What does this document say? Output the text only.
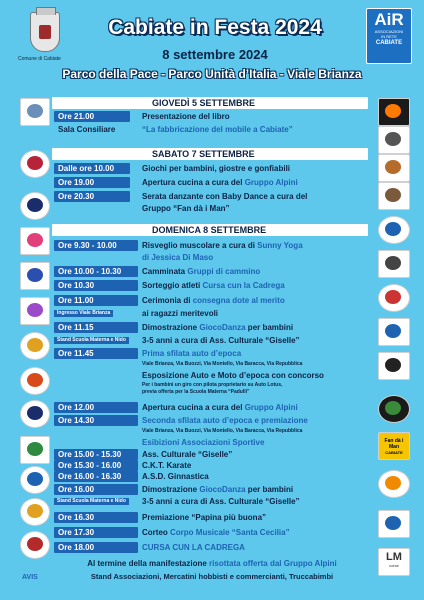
Comune di Cabiate
Cabiate in Festa 2024
8 settembre 2024
Parco della Pace - Parco Unità d’Italia - Viale Brianza
AiR
ASSOCIAZIONI
IN RETE
CABIATE
GIOVEDÌ 5 SETTEMBRE
SABATO 7 SETTEMBRE
DOMENICA 8 SETTEMBRE
AVIS
Fan dà i Man
CABIATE
LM
corse
Ore 21.00	Presentazione del libro
Sala Consiliare	“La fabbricazione del mobile a Cabiate”
Dalle ore 10.00	Giochi per bambini, giostre e gonfiabili
Ore 19.00	Apertura cucina a cura del Gruppo Alpini
Ore 20.30	Serata danzante con Baby Dance a cura del
Gruppo “Fan dà i Man”
Ore 9.30 - 10.00	Risveglio muscolare a cura di Sunny Yoga
di Jessica Di Maso
Ore 10.00 - 10.30	Camminata Gruppi di cammino
Ore 10.30	Sorteggio atleti Cursa cun la Cadrega
Ore 11.00	Cerimonia di consegna dote al merito
Ingresso Viale Brianza	ai ragazzi meritevoli
Ore 11.15	Dimostrazione GiocoDanza per bambini
Stand Scuola Materna e Nido	3-5 anni a cura di Ass. Culturale “Giselle”
Ore 11.45	Prima sfilata auto d’epoca
Viale Brianza, Via Buozzi, Via Montello, Via Baracca, Via Repubblica
Esposizione Auto e Moto d’epoca con concorso
Per i bambini un giro con pilota proprietario su Auto Lotus,
previa offerta per la Scuola Materna “Padulli”
Ore 12.00	Apertura cucina a cura del Gruppo Alpini
Ore 14.30	Seconda sfilata auto d’epoca e premiazione
Viale Brianza, Via Buozzi, Via Montello, Via Baracca, Via Repubblica
Esibizioni Associazioni Sportive
Ore 15.00 - 15.30	Ass. Culturale “Giselle”
Ore 15.30 - 16.00	C.K.T. Karate
Ore 16.00 - 16.30	A.S.D. Ginnastica
Ore 16.00	Dimostrazione GiocoDanza per bambini
Stand Scuola Materna e Nido	3-5 anni a cura di Ass. Culturale “Giselle”
Ore 16.30	Premiazione “Papina più buona”
Ore 17.30	Corteo Corpo Musicale “Santa Cecilia”
Ore 18.00	CURSA CUN LA CADREGA
Al termine della manifestazione risottata offerta dal Gruppo Alpini
Stand Associazioni, Mercatini hobbisti e commercianti, Truccabimbi
